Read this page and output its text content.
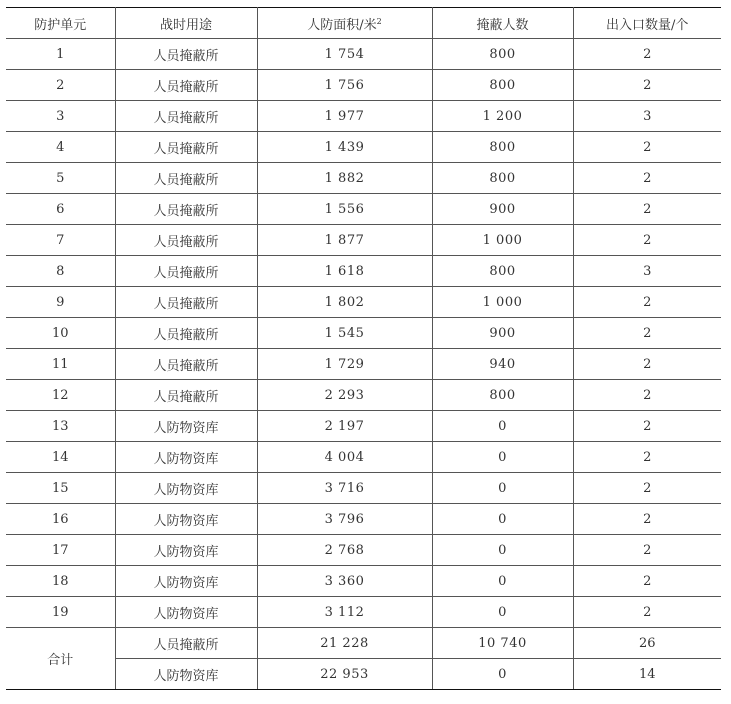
防护单元	战时用途	人防面积/米$^2$	掩蔽人数	出入口数量/个
1	人员掩蔽所	1 754	800	2
2	人员掩蔽所	1 756	800	2
3	人员掩蔽所	1 977	1 200	3
4	人员掩蔽所	1 439	800	2
5	人员掩蔽所	1 882	800	2
6	人员掩蔽所	1 556	900	2
7	人员掩蔽所	1 877	1 000	2
8	人员掩蔽所	1 618	800	3
9	人员掩蔽所	1 802	1 000	2
10	人员掩蔽所	1 545	900	2
11	人员掩蔽所	1 729	940	2
12	人员掩蔽所	2 293	800	2
13	人防物资库	2 197	0	2
14	人防物资库	4 004	0	2
15	人防物资库	3 716	0	2
16	人防物资库	3 796	0	2
17	人防物资库	2 768	0	2
18	人防物资库	3 360	0	2
19	人防物资库	3 112	0	2
合计	人员掩蔽所	21 228	10 740	26
	人防物资库	22 953	0	14
